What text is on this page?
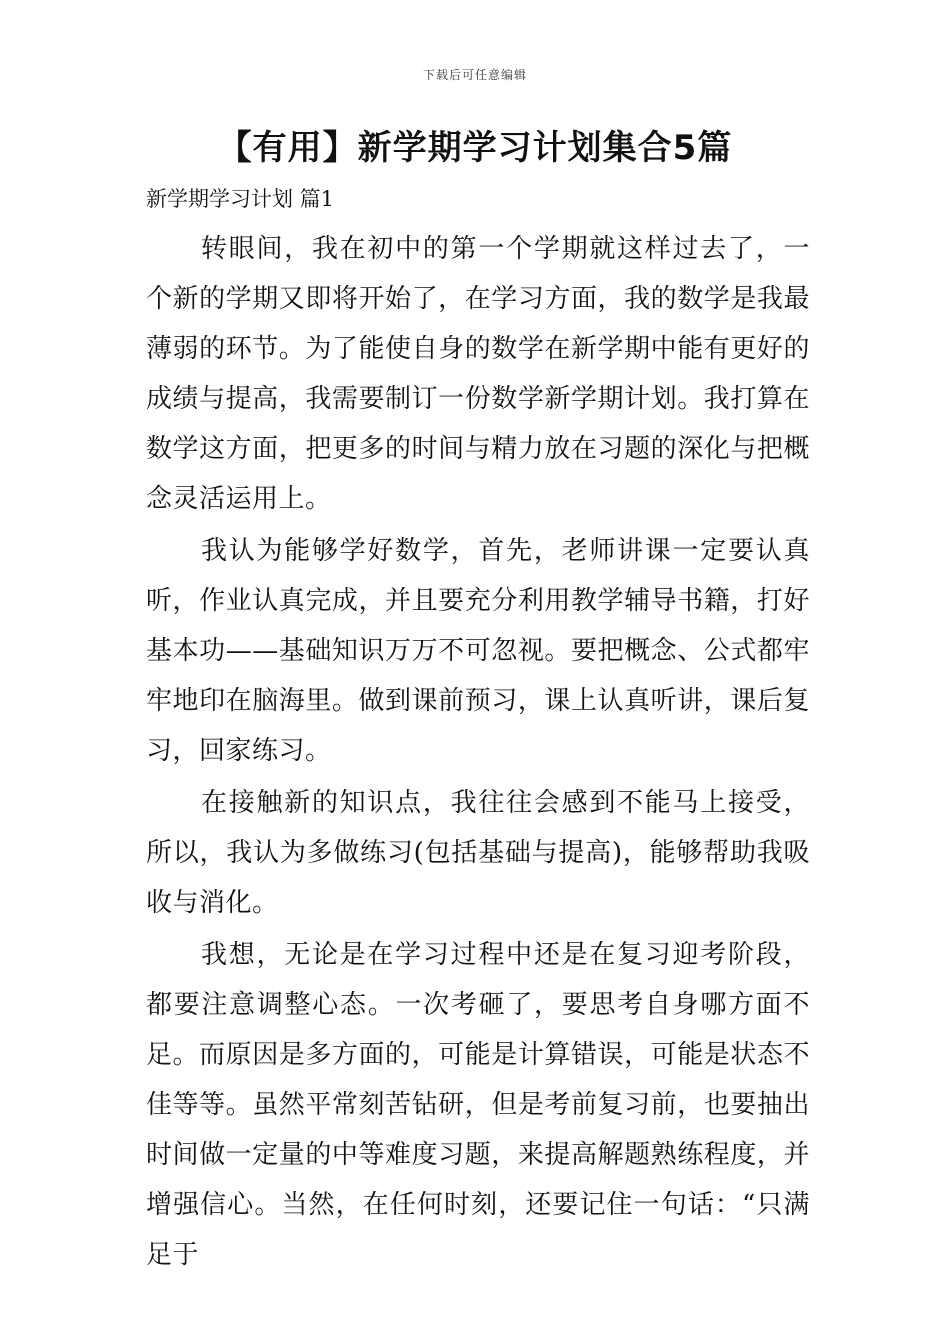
下载后可任意编辑
【有用】新学期学习计划集合5篇
新学期学习计划 篇1

转眼间，我在初中的第一个学期就这样过去了，一个新的学期又即将开始了，在学习方面，我的数学是我最薄弱的环节。为了能使自身的数学在新学期中能有更好的成绩与提高，我需要制订一份数学新学期计划。我打算在数学这方面，把更多的时间与精力放在习题的深化与把概念灵活运用上。

我认为能够学好数学，首先，老师讲课一定要认真听，作业认真完成，并且要充分利用教学辅导书籍，打好基本功——基础知识万万不可忽视。要把概念、公式都牢牢地印在脑海里。做到课前预习，课上认真听讲，课后复习，回家练习。

在接触新的知识点，我往往会感到不能马上接受，所以，我认为多做练习(包括基础与提高)，能够帮助我吸收与消化。

我想，无论是在学习过程中还是在复习迎考阶段，都要注意调整心态。一次考砸了，要思考自身哪方面不足。而原因是多方面的，可能是计算错误，可能是状态不佳等等。虽然平常刻苦钻研，但是考前复习前，也要抽出时间做一定量的中等难度习题，来提高解题熟练程度，并增强信心。当然，在任何时刻，还要记住一句话：“只满足于
